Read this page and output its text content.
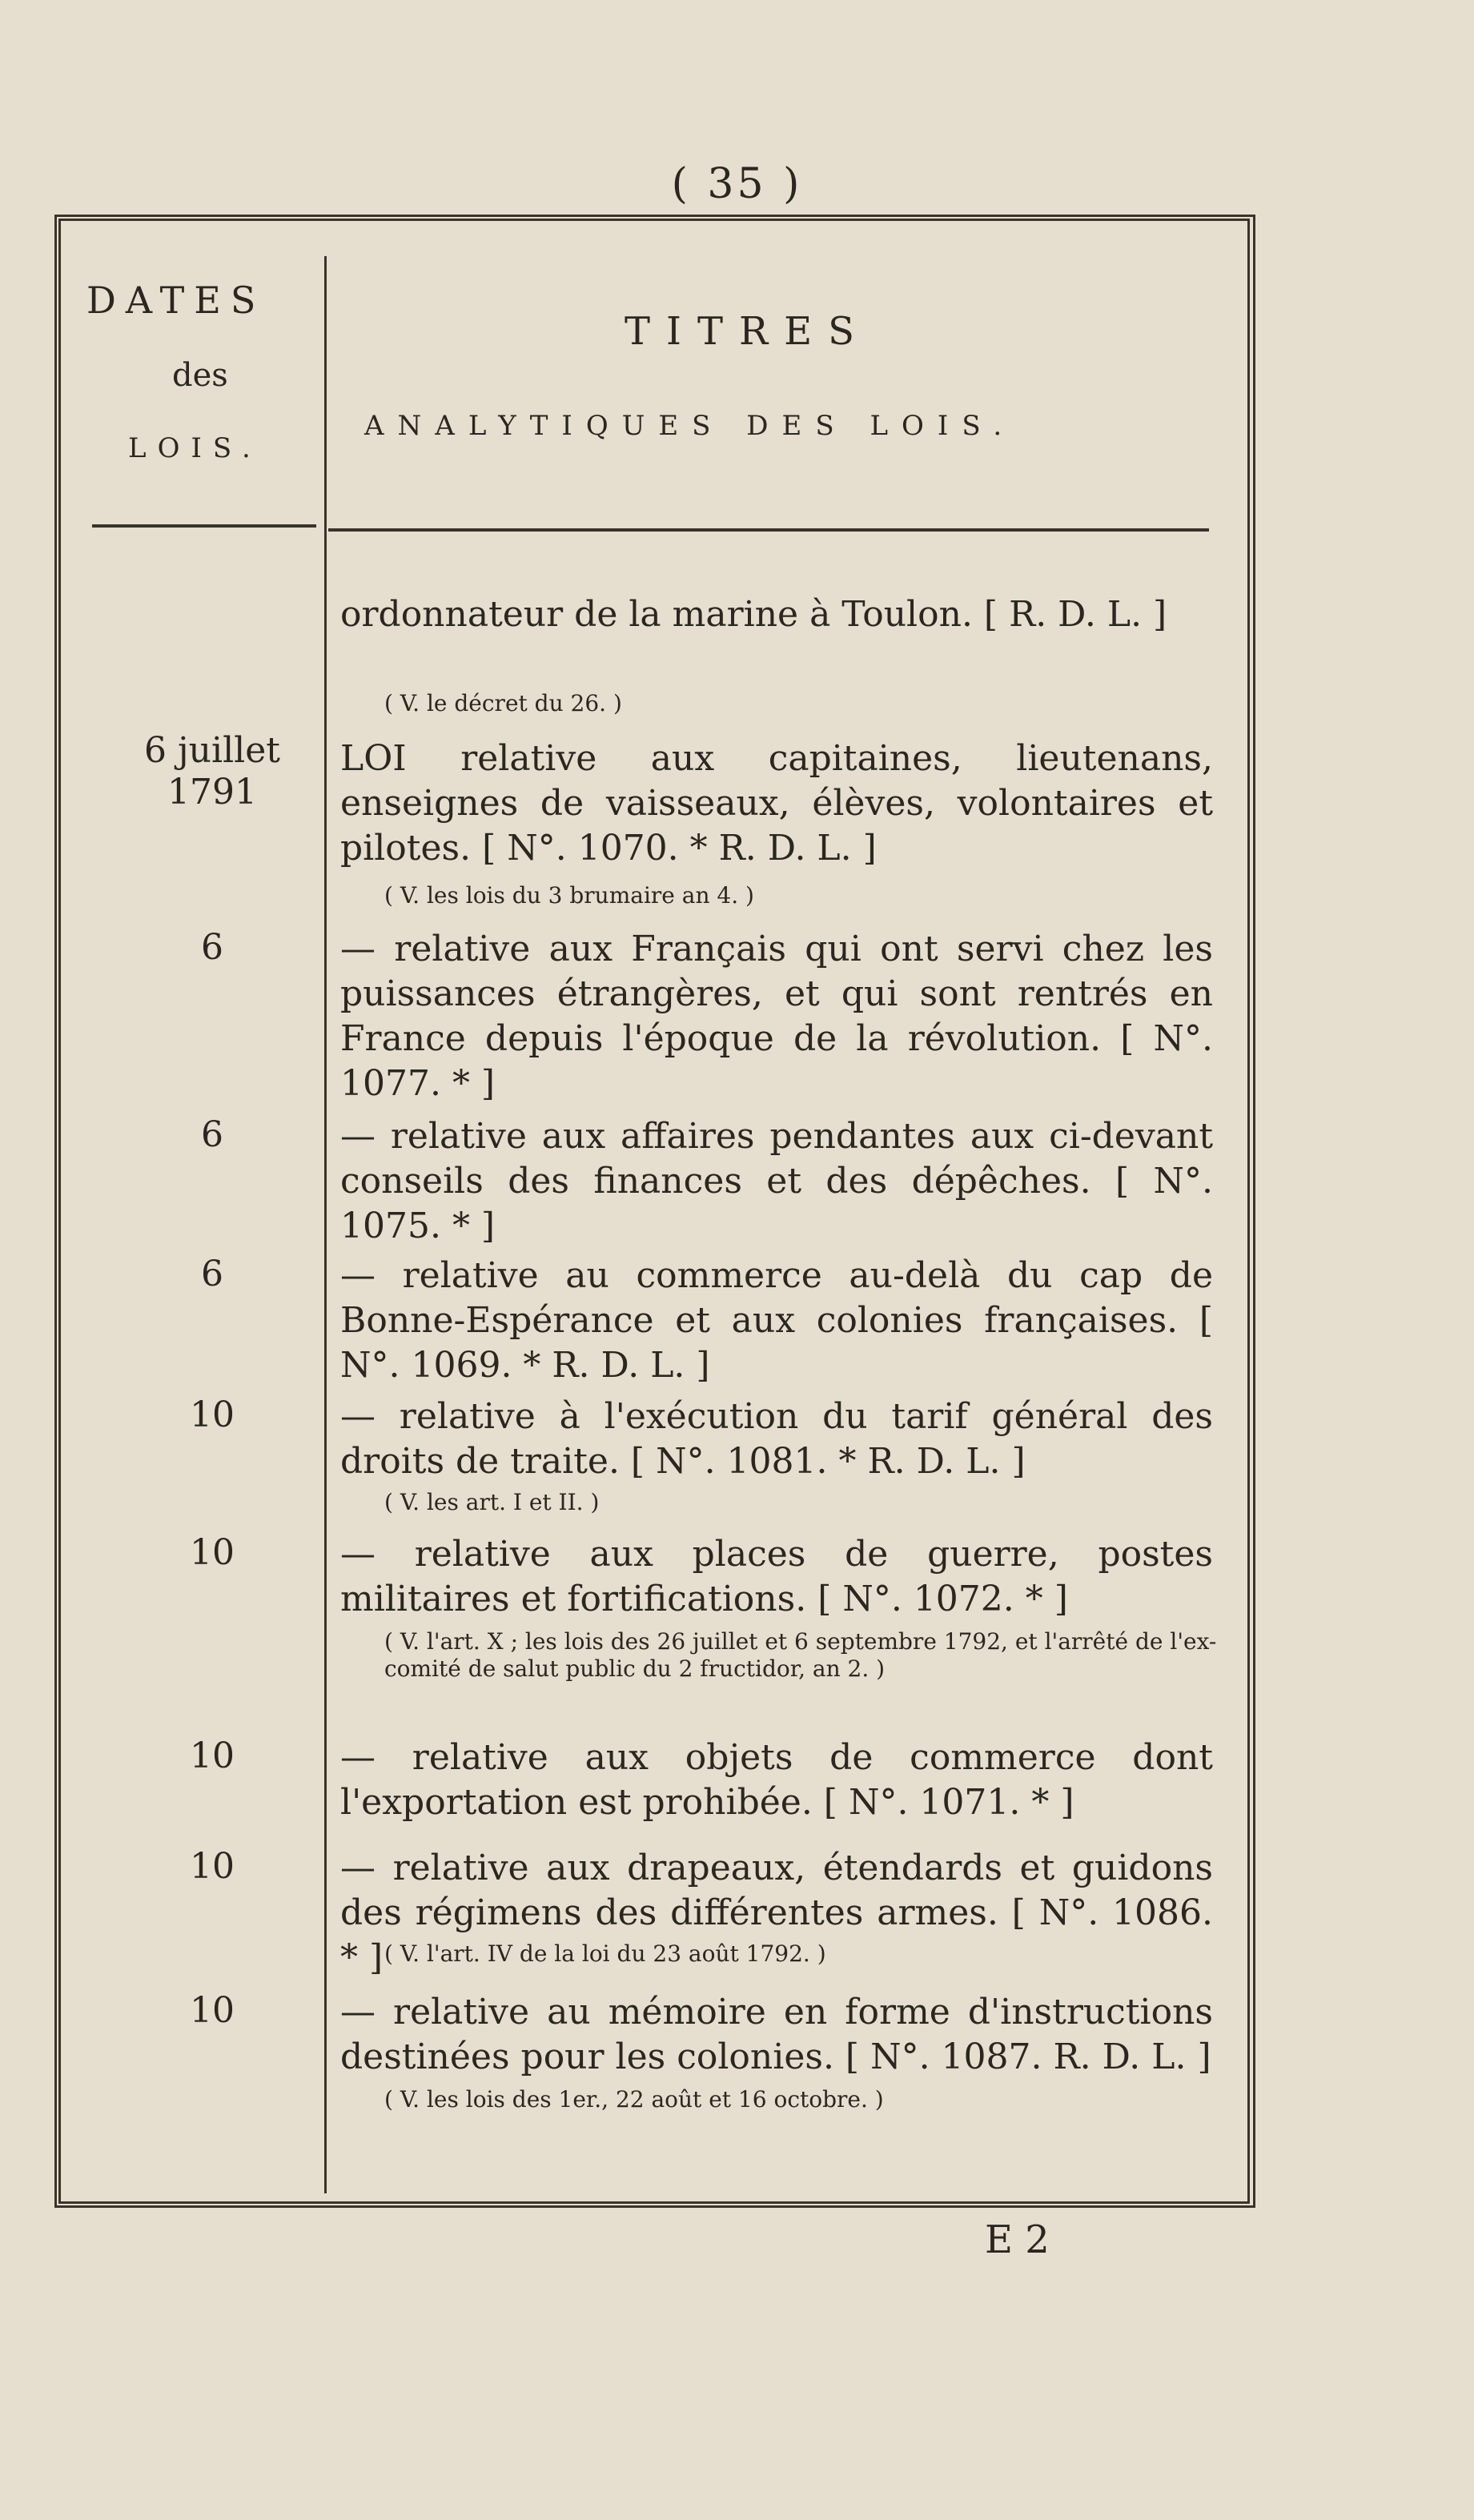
( 35 )
DATES
des
LOIS.
TITRES
ANALYTIQUES DES LOIS.
ordonnateur de la marine à Toulon. [ R. D. L. ]
( V. le décret du 26. )
6 juillet 1791
LOI relative aux capitaines, lieutenans, enseignes de vaisseaux, élèves, volontaires et pilotes. [ N°. 1070. * R. D. L. ]
( V. les lois du 3 brumaire an 4. )
6	— relative aux Français qui ont servi chez les puissances étrangères, et qui sont rentrés en France depuis l'époque de la révolution. [ N°. 1077. * ]
6	— relative aux affaires pendantes aux ci-devant conseils des finances et des dépêches. [ N°. 1075. * ]
6	— relative au commerce au-delà du cap de Bonne-Espérance et aux colonies françaises. [ N°. 1069. * R. D. L. ]
10	— relative à l'exécution du tarif général des droits de traite. [ N°. 1081. * R. D. L. ]
( V. les art. I et II. )
10	— relative aux places de guerre, postes militaires et fortifications. [ N°. 1072. * ]
( V. l'art. X ; les lois des 26 juillet et 6 septembre 1792, et l'arrêté de l'ex-comité de salut public du 2 fructidor, an 2. )
10	— relative aux objets de commerce dont l'exportation est prohibée. [ N°. 1071. * ]
10	— relative aux drapeaux, étendards et guidons des régimens des différentes armes. [ N°. 1086. * ] ( V. l'art. IV de la loi du 23 août 1792. )
10	— relative au mémoire en forme d'instructions destinées pour les colonies. [ N°. 1087. R. D. L. ]
( V. les lois des 1er., 22 août et 16 octobre. )
E 2
